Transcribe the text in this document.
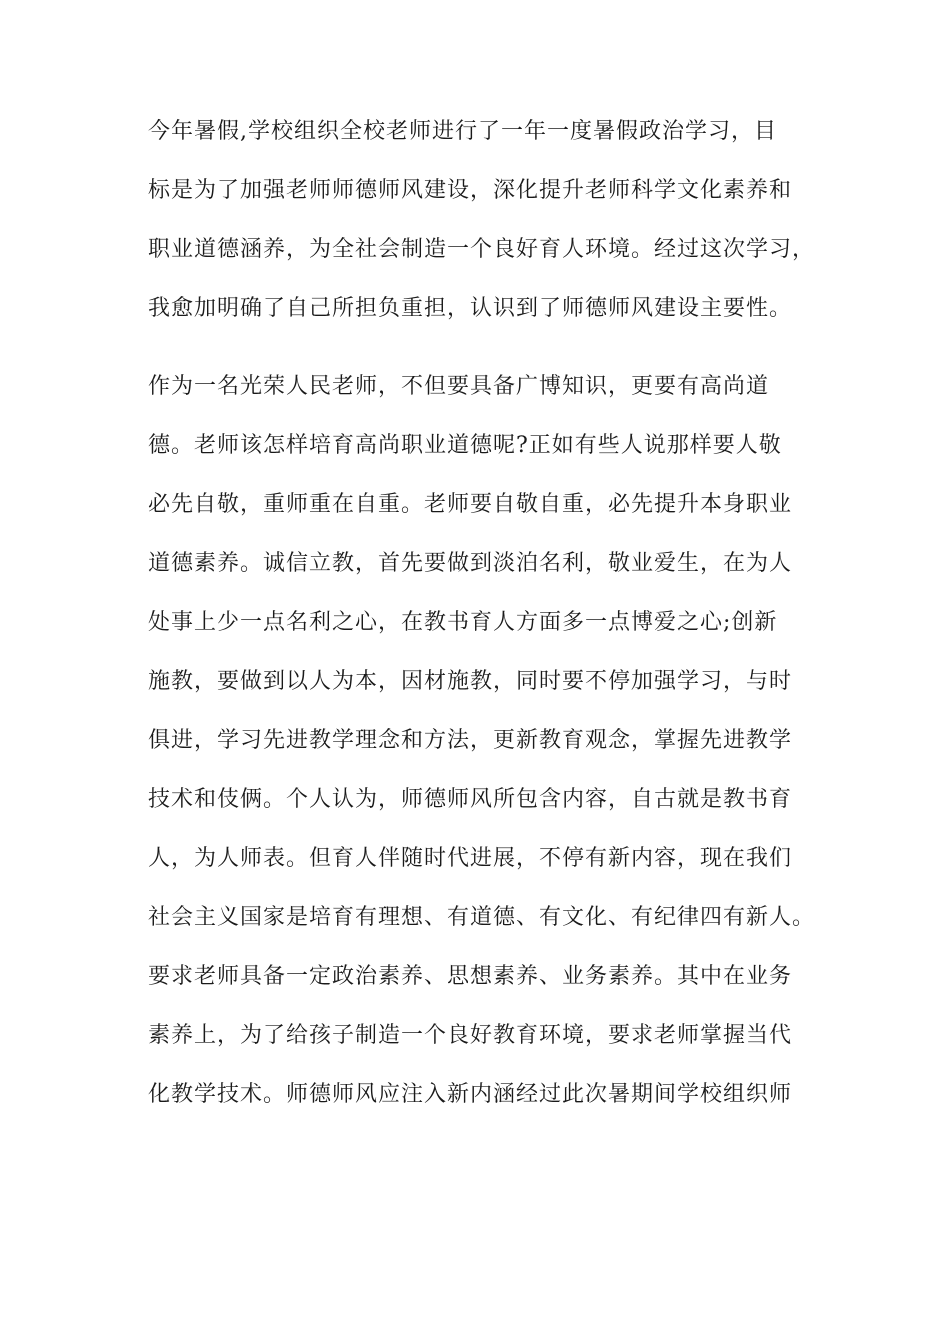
今年暑假,学校组织全校老师进行了一年一度暑假政治学习，目
标是为了加强老师师德师风建设，深化提升老师科学文化素养和
职业道德涵养，为全社会制造一个良好育人环境。经过这次学习，
我愈加明确了自己所担负重担，认识到了师德师风建设主要性。
作为一名光荣人民老师，不但要具备广博知识，更要有高尚道
德。老师该怎样培育高尚职业道德呢?正如有些人说那样要人敬
必先自敬，重师重在自重。老师要自敬自重，必先提升本身职业
道德素养。诚信立教，首先要做到淡泊名利，敬业爱生，在为人
处事上少一点名利之心，在教书育人方面多一点博爱之心;创新
施教，要做到以人为本，因材施教，同时要不停加强学习，与时
俱进，学习先进教学理念和方法，更新教育观念，掌握先进教学
技术和伎俩。个人认为，师德师风所包含内容，自古就是教书育
人，为人师表。但育人伴随时代进展，不停有新内容，现在我们
社会主义国家是培育有理想、有道德、有文化、有纪律四有新人。
要求老师具备一定政治素养、思想素养、业务素养。其中在业务
素养上，为了给孩子制造一个良好教育环境，要求老师掌握当代
化教学技术。师德师风应注入新内涵经过此次暑期间学校组织师
